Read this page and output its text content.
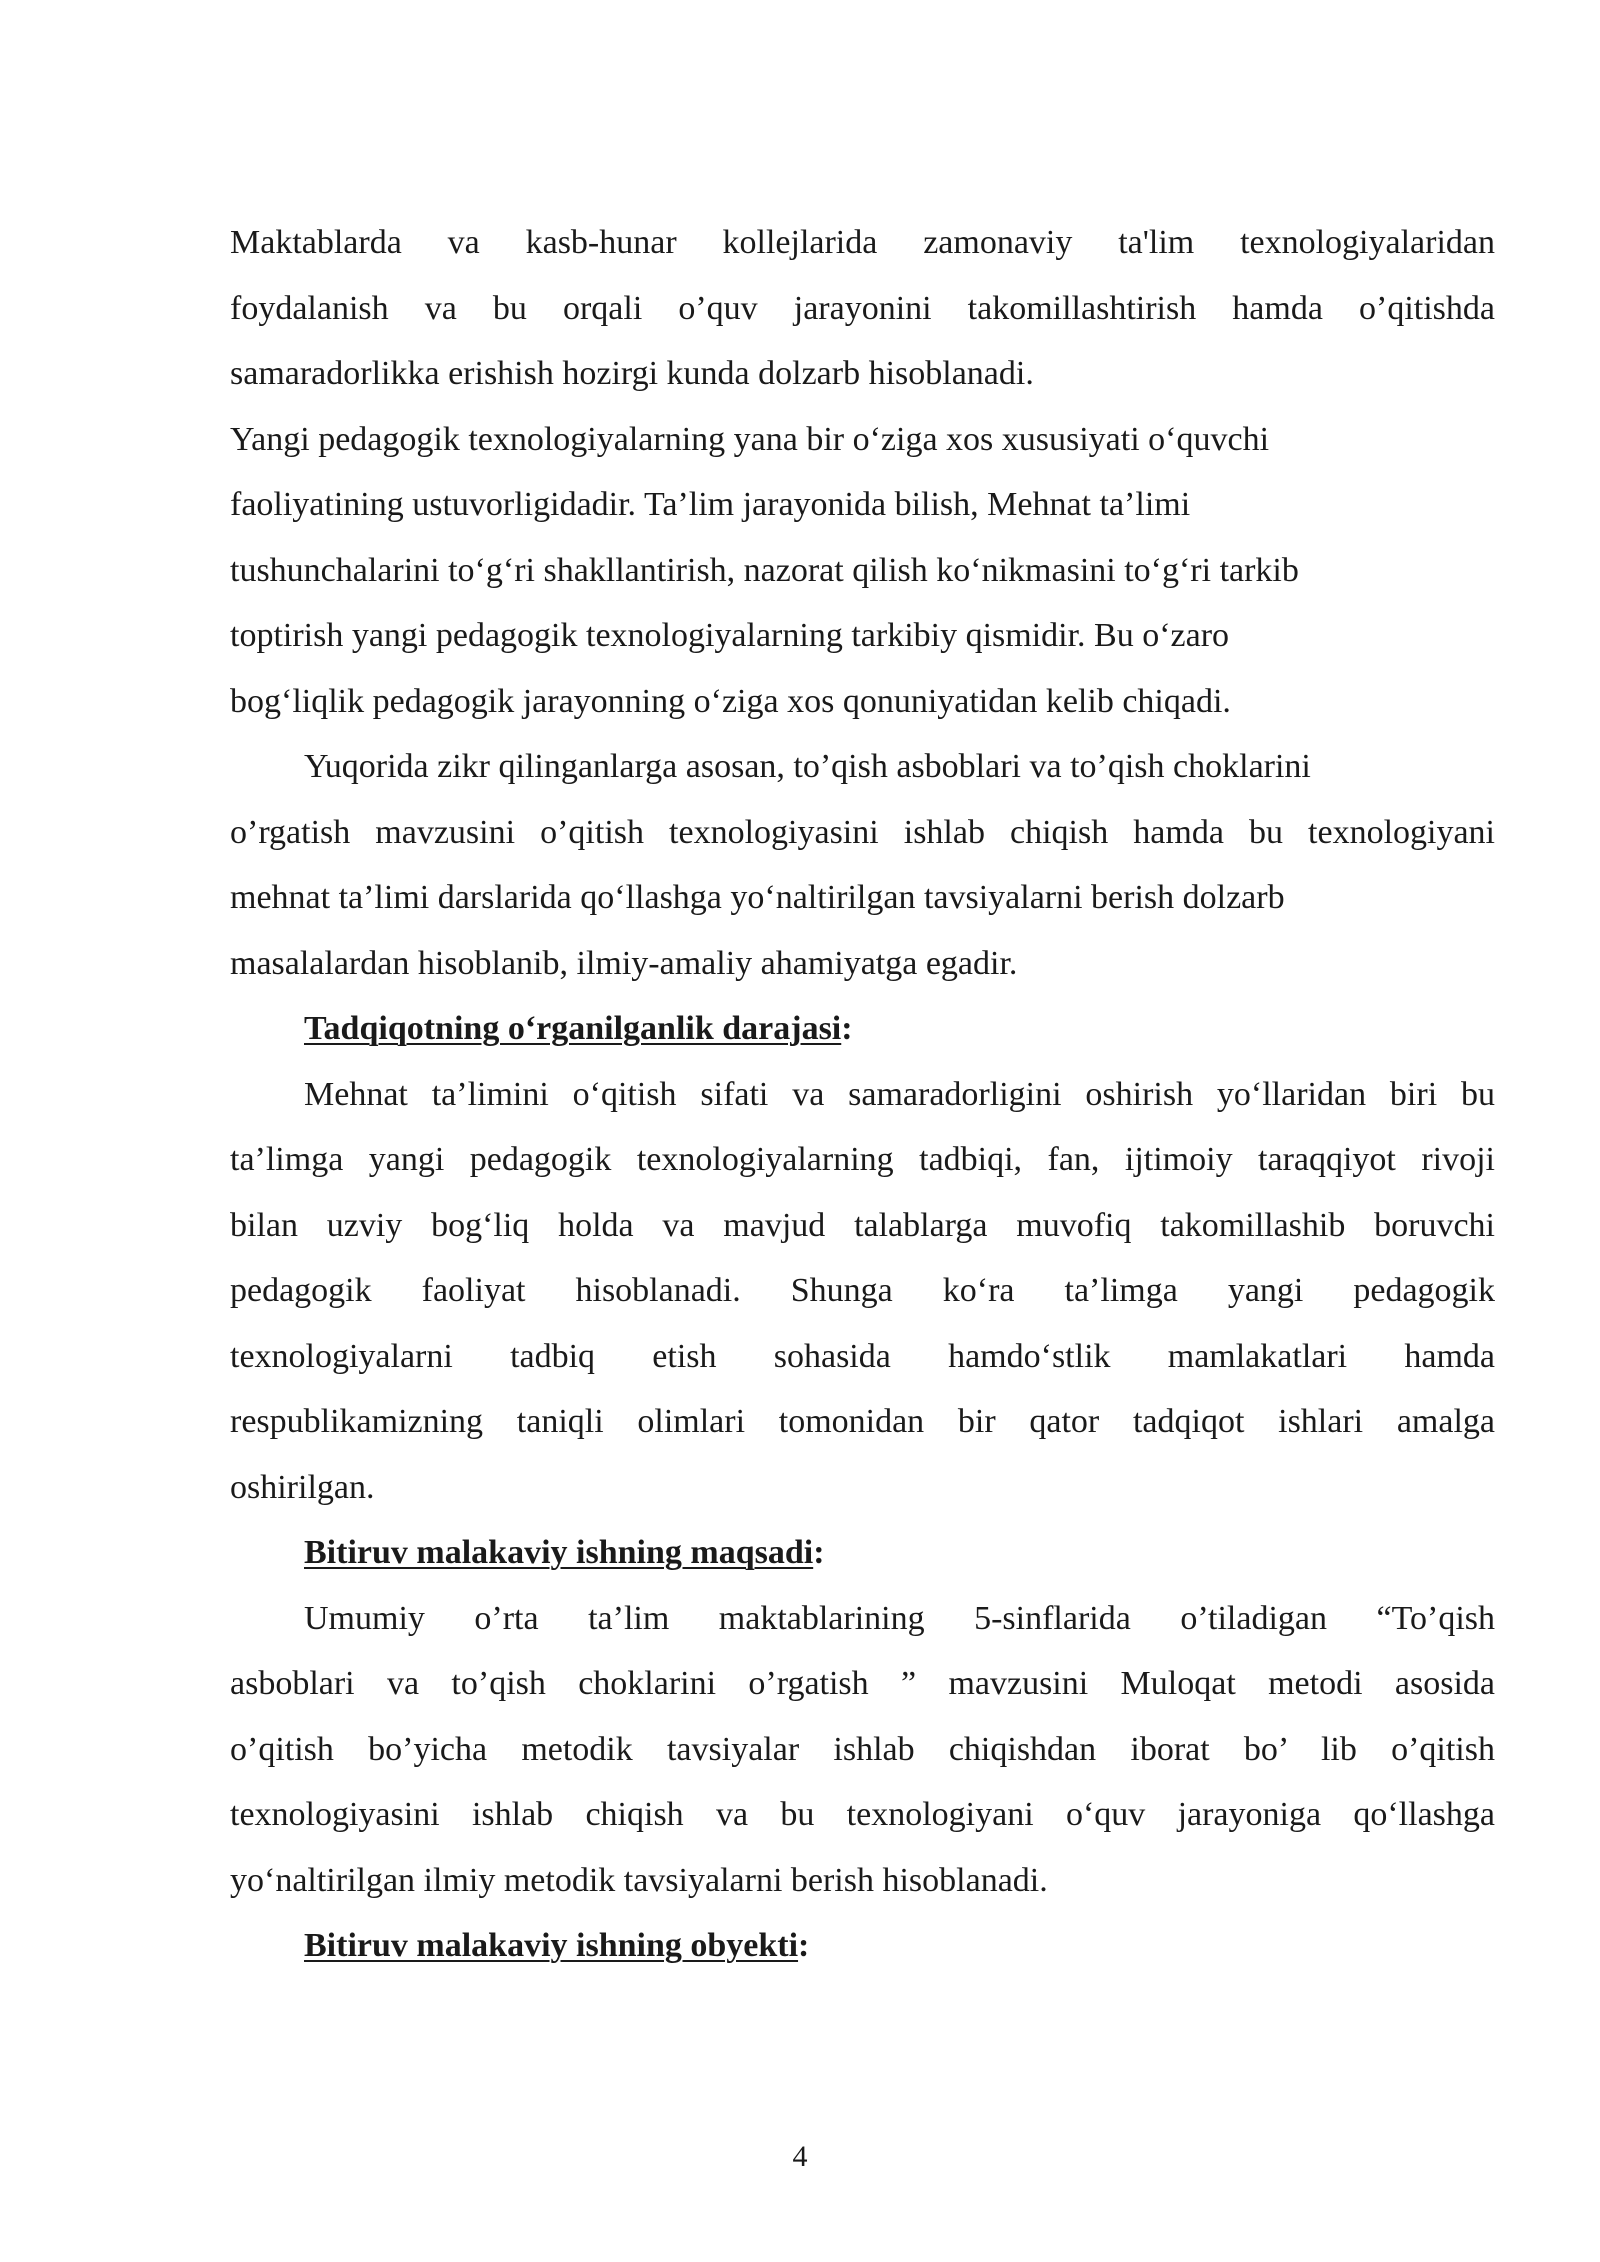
Maktablarda va kasb-hunar kollejlarida zamonaviy ta'lim texnologiyalaridan
foydalanish va bu orqali o’quv jarayonini takomillashtirish hamda o’qitishda
samaradorlikka erishish hozirgi kunda dolzarb hisoblanadi.

Yangi pedagogik texnologiyalarning yana bir o‘ziga xos xususiyati o‘quvchi
faoliyatining ustuvorligidadir. Ta’lim jarayonida bilish, Mehnat ta’limi
tushunchalarini to‘g‘ri shakllantirish, nazorat qilish ko‘nikmasini to‘g‘ri tarkib
toptirish yangi pedagogik texnologiyalarning tarkibiy qismidir. Bu o‘zaro
bog‘liqlik pedagogik jarayonning o‘ziga xos qonuniyatidan kelib chiqadi.

Yuqorida zikr qilinganlarga asosan, to’qish asboblari va to’qish choklarini
o’rgatish mavzusini o’qitish texnologiyasini ishlab chiqish hamda bu texnologiyani
mehnat ta’limi darslarida qo‘llashga yo‘naltirilgan tavsiyalarni berish dolzarb
masalalardan hisoblanib, ilmiy-amaliy ahamiyatga egadir.

Tadqiqotning o‘rganilganlik darajasi:

Mehnat ta’limini o‘qitish sifati va samaradorligini oshirish yo‘llaridan biri bu
ta’limga yangi pedagogik texnologiyalarning tadbiqi, fan, ijtimoiy taraqqiyot rivoji
bilan uzviy bog‘liq holda va mavjud talablarga muvofiq takomillashib boruvchi
pedagogik faoliyat hisoblanadi. Shunga ko‘ra ta’limga yangi pedagogik
texnologiyalarni tadbiq etish sohasida hamdo‘stlik mamlakatlari hamda
respublikamizning taniqli olimlari tomonidan bir qator tadqiqot ishlari amalga
oshirilgan.

Bitiruv malakaviy ishning maqsadi:

Umumiy o’rta ta’lim maktablarining 5-sinflarida o’tiladigan “To’qish
asboblari va to’qish choklarini o’rgatish ” mavzusini Muloqat metodi asosida
o’qitish bo’yicha metodik tavsiyalar ishlab chiqishdan iborat bo’ lib o’qitish
texnologiyasini ishlab chiqish va bu texnologiyani o‘quv jarayoniga qo‘llashga
yo‘naltirilgan ilmiy metodik tavsiyalarni berish hisoblanadi.

Bitiruv malakaviy ishning obyekti:
4
